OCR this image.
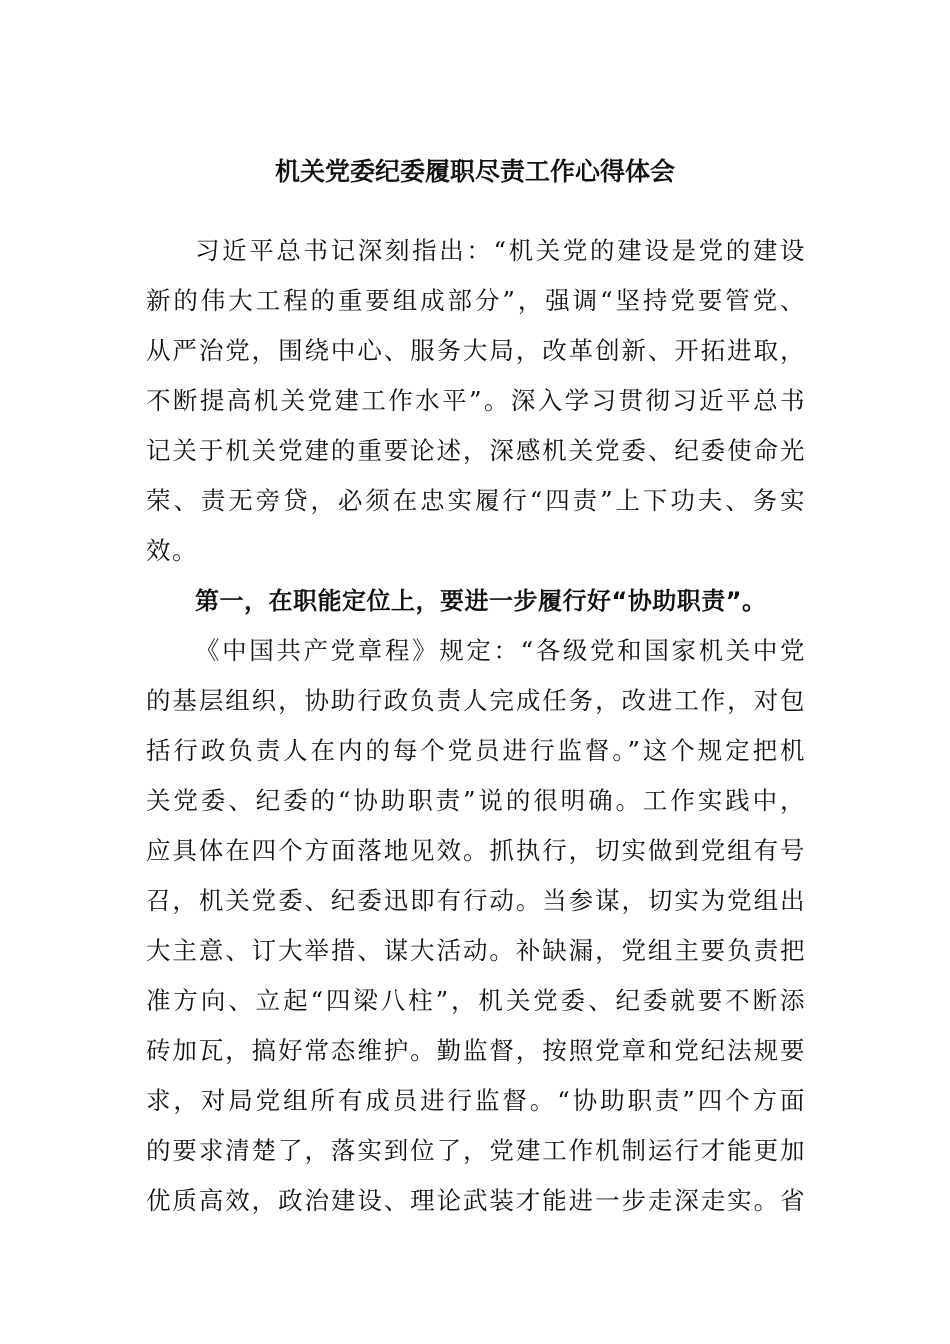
机关党委纪委履职尽责工作心得体会
习近平总书记深刻指出：“机关党的建设是党的建设
新的伟大工程的重要组成部分”，强调“坚持党要管党、
从严治党，围绕中心、服务大局，改革创新、开拓进取，
不断提高机关党建工作水平”。深入学习贯彻习近平总书
记关于机关党建的重要论述，深感机关党委、纪委使命光
荣、责无旁贷，必须在忠实履行“四责”上下功夫、务实
效。
第一，在职能定位上，要进一步履行好“协助职责”。
《中国共产党章程》规定：“各级党和国家机关中党
的基层组织，协助行政负责人完成任务，改进工作，对包
括行政负责人在内的每个党员进行监督。”这个规定把机
关党委、纪委的“协助职责”说的很明确。工作实践中，
应具体在四个方面落地见效。抓执行，切实做到党组有号
召，机关党委、纪委迅即有行动。当参谋，切实为党组出
大主意、订大举措、谋大活动。补缺漏，党组主要负责把
准方向、立起“四梁八柱”，机关党委、纪委就要不断添
砖加瓦，搞好常态维护。勤监督，按照党章和党纪法规要
求，对局党组所有成员进行监督。“协助职责”四个方面
的要求清楚了，落实到位了，党建工作机制运行才能更加
优质高效，政治建设、理论武装才能进一步走深走实。省
